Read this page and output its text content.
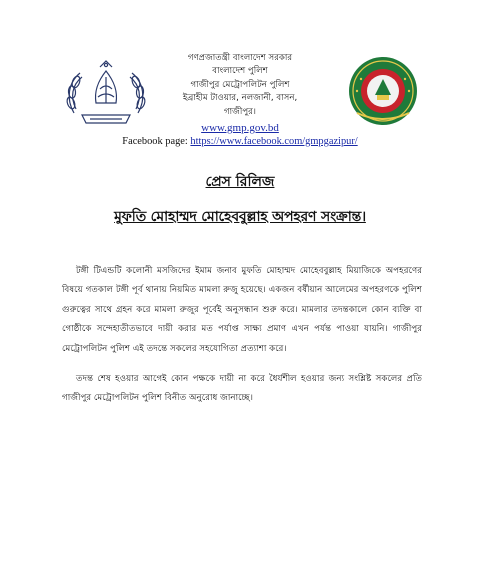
গণপ্রজাতন্ত্রী বাংলাদেশ সরকার
বাংলাদেশ পুলিশ
গাজীপুর মেট্রোপলিটন পুলিশ
ইব্রাহীম টাওয়ার, নলজানী, বাসন,
গাজীপুর।
www.gmp.gov.bd
Facebook page: https://www.facebook.com/gmpgazipur/
প্রেস রিলিজ
মুফতি মোহাম্মদ মোহেববুল্লাহ অপহরণ সংক্রান্ত।

টঙ্গী টিএন্ডটি কলোনী মসজিদের ইমাম জনাব মুফতি মোহাম্মদ মোহেববুল্লাহ মিয়াজিকে অপহরণের বিষয়ে গতকাল টঙ্গী পূর্ব থানায় নিয়মিত মামলা রুজু হয়েছে। একজন বর্ষীয়ান আলেমের অপহরণকে পুলিশ গুরুত্বের সাথে গ্রহন করে মামলা রুজুর পূর্বেই অনুসন্ধান শুরু করে। মামলার তদন্তকালে কোন ব্যক্তি বা গোষ্ঠীকে সন্দেহাতীতভাবে দায়ী করার মত পর্যাপ্ত সাক্ষ্য প্রমাণ এখন পর্যন্ত পাওয়া যায়নি। গাজীপুর মেট্রোপলিটন পুলিশ এই তদন্তে সকলের সহযোগিতা প্রত্যাশা করে।

তদন্ত শেষ হওয়ার আগেই কোন পক্ষকে দায়ী না করে ধৈর্যশীল হওয়ার জন্য সংশ্লিষ্ট সকলের প্রতি গাজীপুর মেট্রোপলিটন পুলিশ বিনীত অনুরোধ জানাচ্ছে।
